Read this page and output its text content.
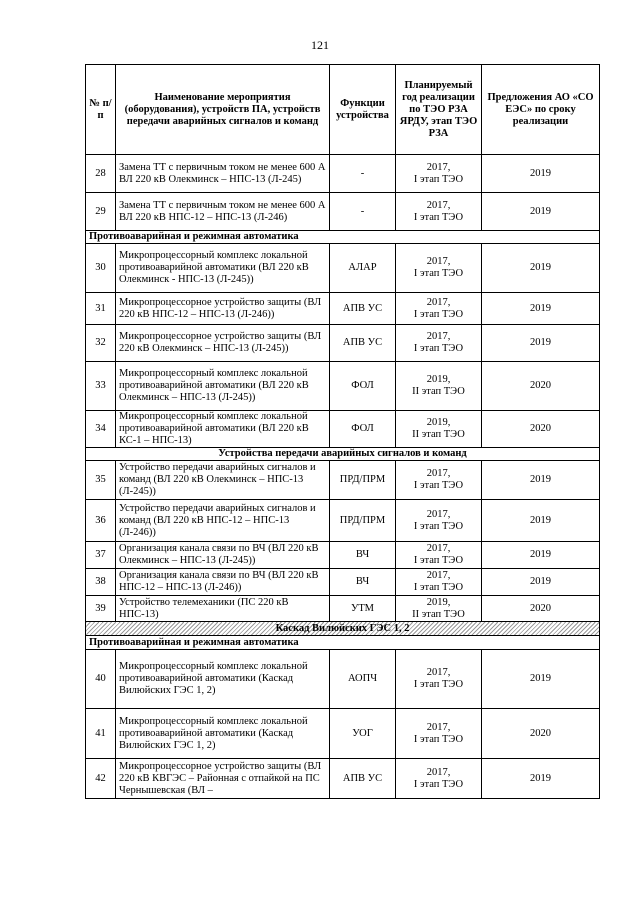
121
№ п/п	Наименование мероприятия (оборудования), устройств ПА, устройств передачи аварийных сигналов и команд	Функции устройства	Планируемый год реализации по ТЭО РЗА ЯРДУ, этап ТЭО РЗА	Предложения АО «СО ЕЭС» по сроку реализации
28	Замена ТТ с первичным током не менее 600 А ВЛ 220 кВ Олекминск – НПС-13 (Л-245)	-	2017,
I этап ТЭО	2019
29	Замена ТТ с первичным током не менее 600 А ВЛ 220 кВ НПС-12 – НПС-13 (Л-246)	-	2017,
I этап ТЭО	2019
Противоаварийная и режимная автоматика				
30	Микропроцессорный комплекс локальной противоаварийной автоматики (ВЛ 220 кВ Олекминск - НПС-13 (Л-245))	АЛАР	2017,
I этап ТЭО	2019
31	Микропроцессорное устройство защиты (ВЛ 220 кВ НПС-12 – НПС-13 (Л-246))	АПВ УС	2017,
I этап ТЭО	2019
32	Микропроцессорное устройство защиты (ВЛ 220 кВ Олекминск – НПС-13 (Л-245))	АПВ УС	2017,
I этап ТЭО	2019
33	Микропроцессорный комплекс локальной противоаварийной автоматики (ВЛ 220 кВ Олекминск – НПС-13 (Л-245))	ФОЛ	2019,
II этап ТЭО	2020
34	Микропроцессорный комплекс локальной противоаварийной автоматики (ВЛ 220 кВ КС-1 – НПС-13)	ФОЛ	2019,
II этап ТЭО	2020
Устройства передачи аварийных сигналов и команд				
35	Устройство передачи аварийных сигналов и команд (ВЛ 220 кВ Олекминск – НПС-13 (Л-245))	ПРД/ПРМ	2017,
I этап ТЭО	2019
36	Устройство передачи аварийных сигналов и команд (ВЛ 220 кВ НПС-12 – НПС-13 (Л-246))	ПРД/ПРМ	2017,
I этап ТЭО	2019
37	Организация канала связи по ВЧ (ВЛ 220 кВ Олекминск – НПС-13 (Л-245))	ВЧ	2017,
I этап ТЭО	2019
38	Организация канала связи по ВЧ (ВЛ 220 кВ НПС-12 – НПС-13 (Л-246))	ВЧ	2017,
I этап ТЭО	2019
39	Устройство телемеханики (ПС 220 кВ НПС-13)	УТМ	2019,
II этап ТЭО	2020
Каскад Вилюйских ГЭС 1, 2				
Противоаварийная и режимная автоматика				
40	Микропроцессорный комплекс локальной противоаварийной автоматики (Каскад Вилюйских ГЭС 1, 2)	АОПЧ	2017,
I этап ТЭО	2019
41	Микропроцессорный комплекс локальной противоаварийной автоматики (Каскад Вилюйских ГЭС 1, 2)	УОГ	2017,
I этап ТЭО	2020
42	Микропроцессорное устройство защиты (ВЛ 220 кВ КВГЭС – Районная с отпайкой на ПС Чернышевская (ВЛ –	АПВ УС	2017,
I этап ТЭО	2019
